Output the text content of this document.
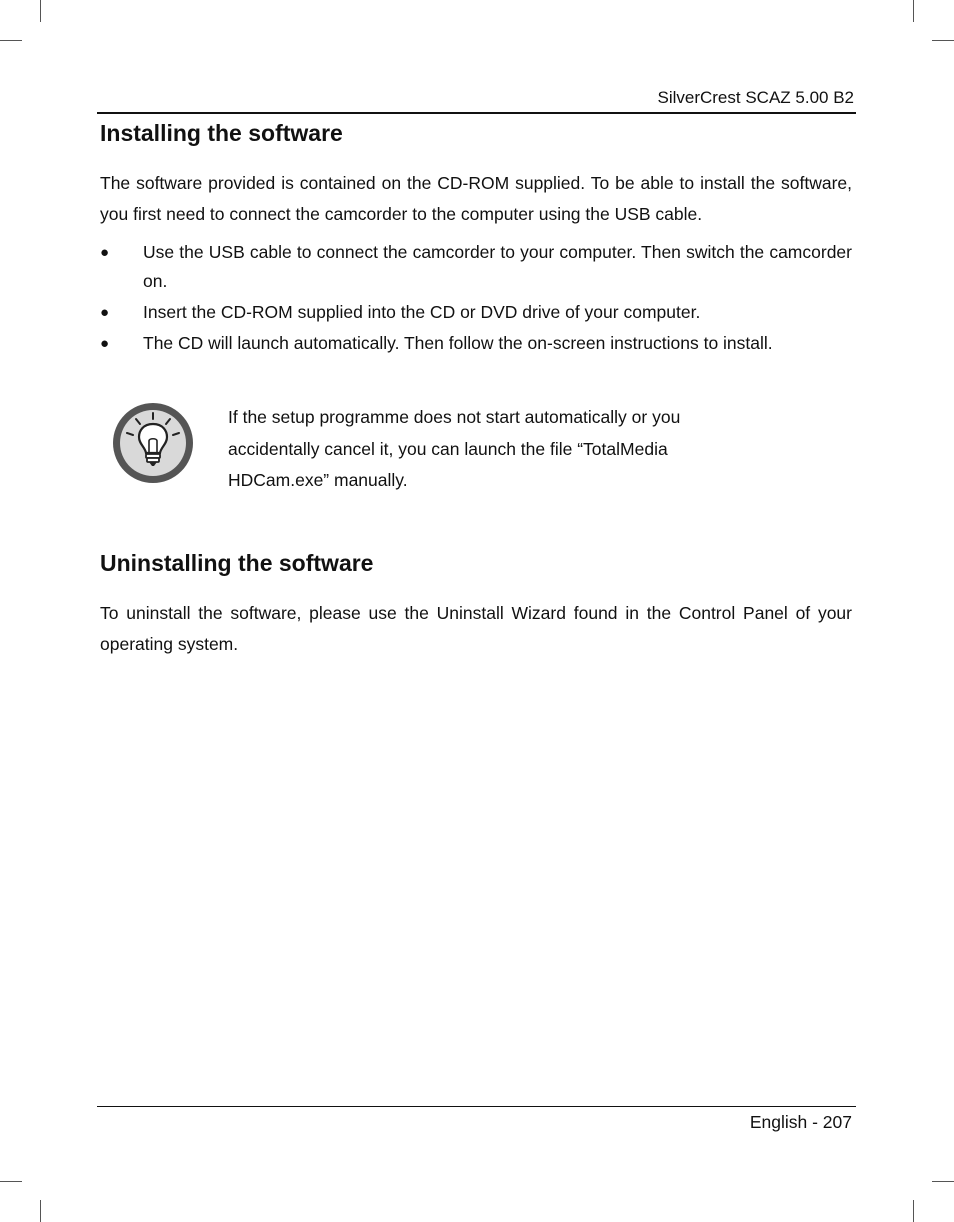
SilverCrest SCAZ 5.00 B2
Installing the software

The software provided is contained on the CD-ROM supplied. To be able to install the software, you first need to connect the camcorder to the computer using the USB cable.

● Use the USB cable to connect the camcorder to your computer. Then switch the camcorder on.
● Insert the CD-ROM supplied into the CD or DVD drive of your computer.
● The CD will launch automatically. Then follow the on-screen instructions to install.

If the setup programme does not start automatically or you accidentally cancel it, you can launch the file “TotalMedia HDCam.exe” manually.

Uninstalling the software

To uninstall the software, please use the Uninstall Wizard found in the Control Panel of your operating system.

English - 207
